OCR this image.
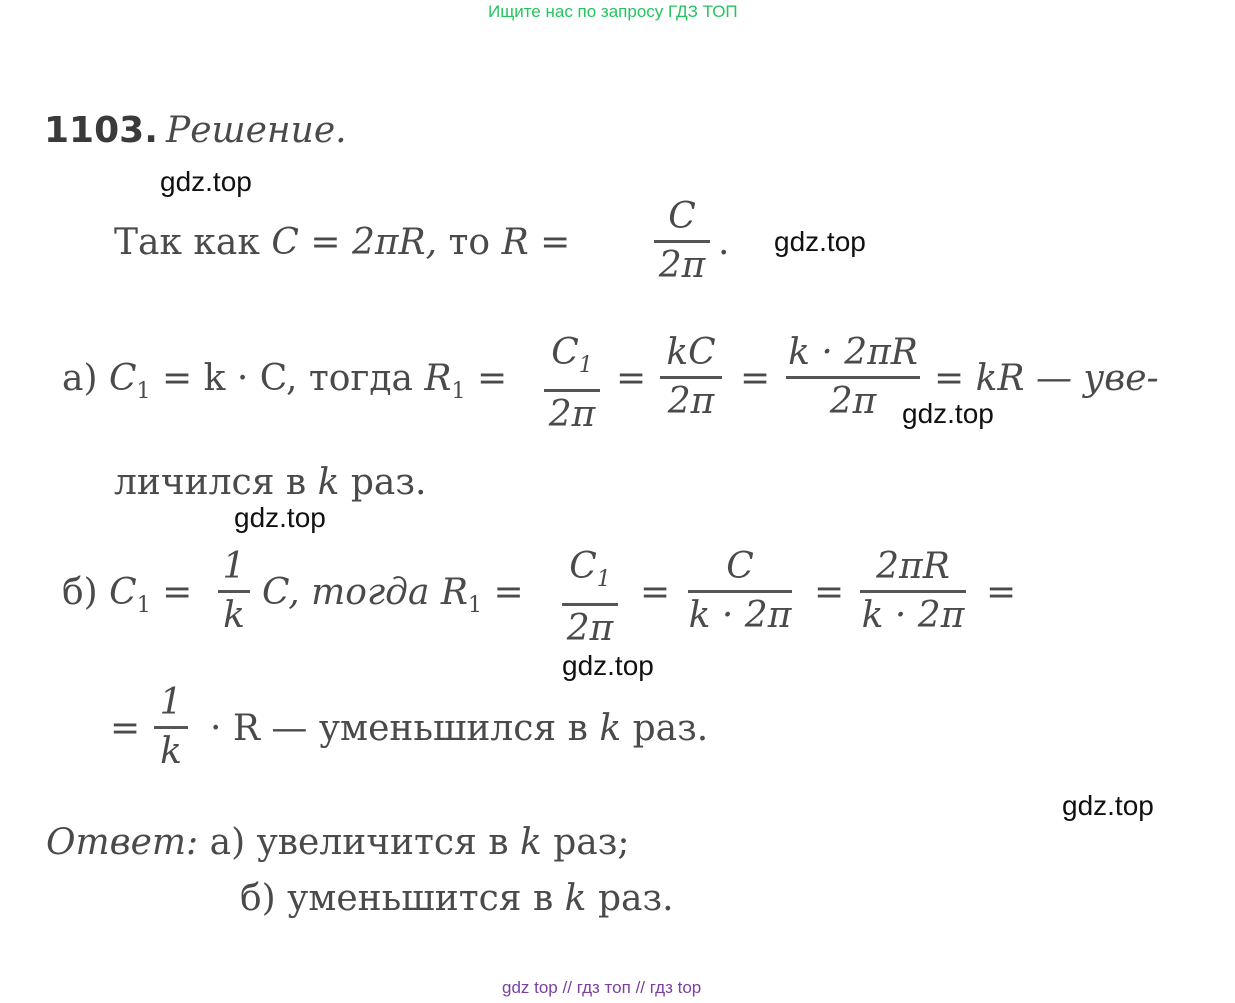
Ищите нас по запросу ГДЗ ТОП
1103. Решение.
Так как C = 2πR, то R =
C
2π
.
а) $C_1 = k \cdot C$, тогда $R_1$ =
$C_1$
2π
=
kC
2π
=
k · 2πR
2π
= kR — уве-
личился в k раз.
б) $C_1$ =
1
k
C, тогда $R_1$ =
$C_1$
2π
=
C
k · 2π
=
2πR
k · 2π
=
=
1
k
· R — уменьшился в k раз.
Ответ: а) увеличится в k раз;
б) уменьшится в k раз.
gdz.top
gdz.top
gdz.top
gdz.top
gdz.top
gdz.top
gdz top // гдз топ // гдз top
